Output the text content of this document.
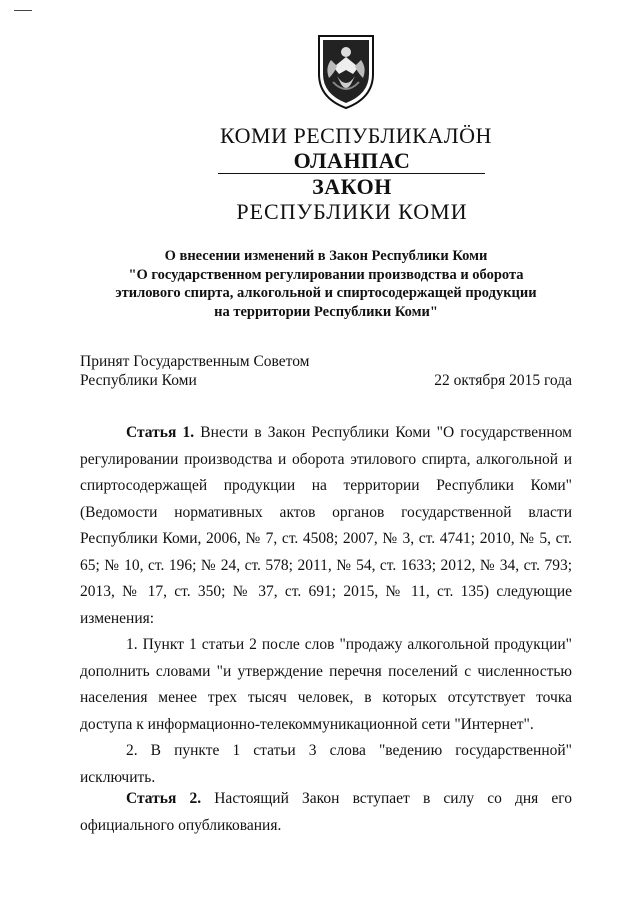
КОМИ РЕСПУБЛИКАЛӦН
ОЛАНПАС
ЗАКОН
РЕСПУБЛИКИ КОМИ
О внесении изменений в Закон Республики Коми
"О государственном регулировании производства и оборота
этилового спирта, алкогольной и спиртосодержащей продукции
на территории Республики Коми"
Принят Государственным Советом
Республики Коми	22 октября 2015 года

Статья 1. Внести в Закон Республики Коми "О государственном регулировании производства и оборота этилового спирта, алкогольной и спиртосодержащей продукции на территории Республики Коми" (Ведомости нормативных актов органов государственной власти Республики Коми, 2006, № 7, ст. 4508; 2007, № 3, ст. 4741; 2010, № 5, ст. 65; № 10, ст. 196; № 24, ст. 578; 2011, № 54, ст. 1633; 2012, № 34, ст. 793; 2013, № 17, ст. 350; № 37, ст. 691; 2015, № 11, ст. 135) следующие изменения:

1. Пункт 1 статьи 2 после слов "продажу алкогольной продукции" дополнить словами "и утверждение перечня поселений с численностью населения менее трех тысяч человек, в которых отсутствует точка доступа к информационно-телекоммуникационной сети "Интернет".

2. В пункте 1 статьи 3 слова "ведению государственной" исключить.

Статья 2. Настоящий Закон вступает в силу со дня его официального опубликования.
